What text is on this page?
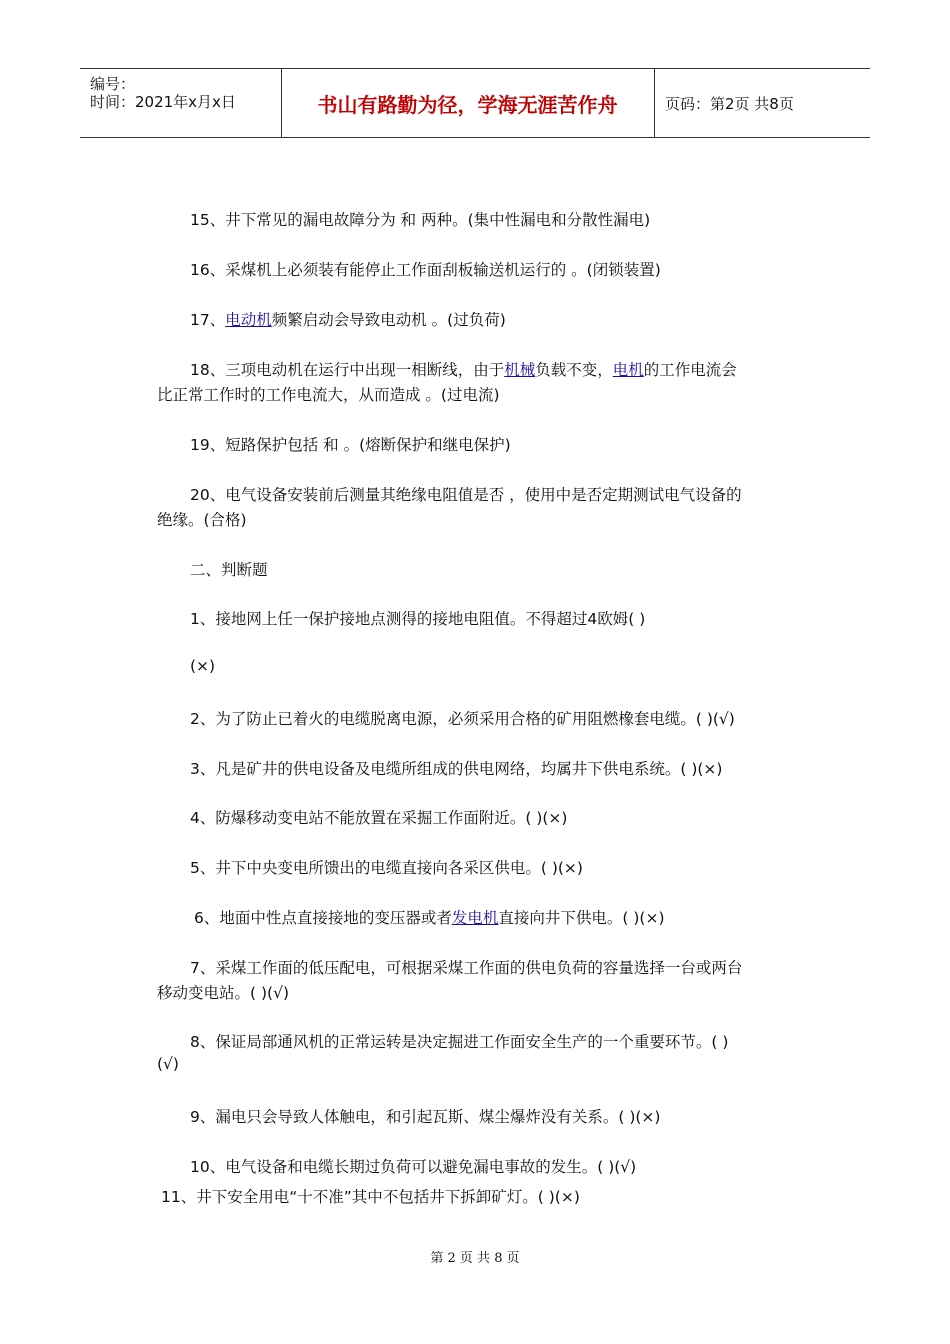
编号：
时间：2021年x月x日	书山有路勤为径，学海无涯苦作舟	页码：第2页 共8页
15、井下常见的漏电故障分为 和 两种。(集中性漏电和分散性漏电)
16、采煤机上必须装有能停止工作面刮板输送机运行的 。(闭锁装置)
17、电动机频繁启动会导致电动机 。(过负荷)
18、三项电动机在运行中出现一相断线，由于机械负载不变，电机的工作电流会
比正常工作时的工作电流大，从而造成 。(过电流)
19、短路保护包括 和 。(熔断保护和继电保护)
20、电气设备安装前后测量其绝缘电阻值是否 ，使用中是否定期测试电气设备的
绝缘。(合格)
二、判断题
1、接地网上任一保护接地点测得的接地电阻值。不得超过4欧姆( )
(×)
2、为了防止已着火的电缆脱离电源，必须采用合格的矿用阻燃橡套电缆。( )(√)
3、凡是矿井的供电设备及电缆所组成的供电网络，均属井下供电系统。( )(×)
4、防爆移动变电站不能放置在采掘工作面附近。( )(×)
5、井下中央变电所馈出的电缆直接向各采区供电。( )(×)
6、地面中性点直接接地的变压器或者发电机直接向井下供电。( )(×)
7、采煤工作面的低压配电，可根据采煤工作面的供电负荷的容量选择一台或两台
移动变电站。( )(√)
8、保证局部通风机的正常运转是决定掘进工作面安全生产的一个重要环节。( )
(√)
9、漏电只会导致人体触电，和引起瓦斯、煤尘爆炸没有关系。( )(×)
10、电气设备和电缆长期过负荷可以避免漏电事故的发生。( )(√)
11、井下安全用电“十不准”其中不包括井下拆卸矿灯。( )(×)
第 2 页 共 8 页
